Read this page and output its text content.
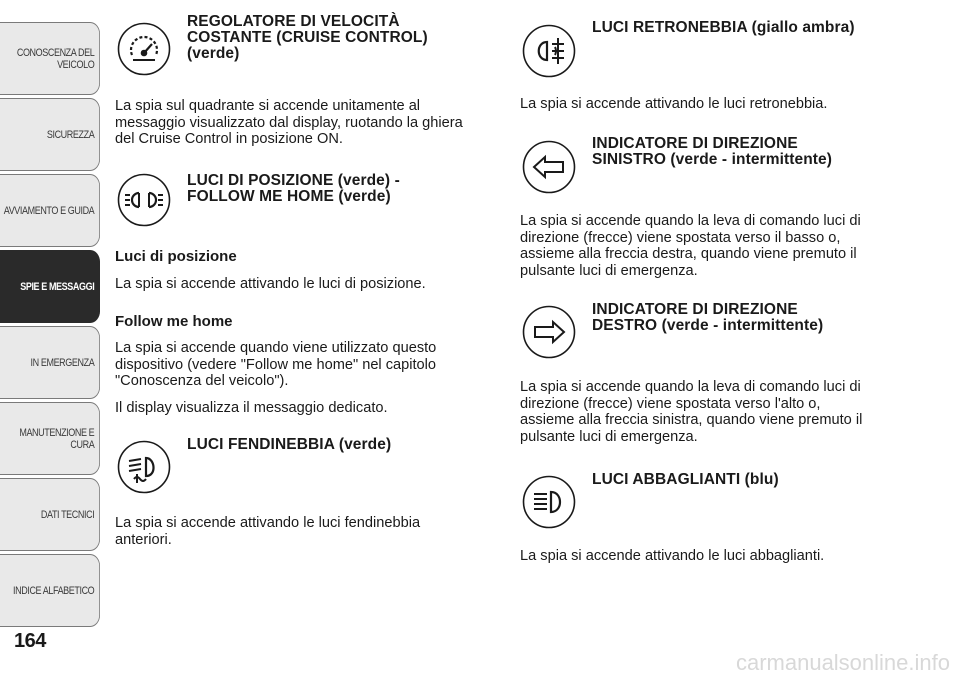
CONOSCENZA DEL VEICOLO
SICUREZZA
AVVIAMENTO E GUIDA
SPIE E MESSAGGI
IN EMERGENZA
MANUTENZIONE E CURA
DATI TECNICI
INDICE ALFABETICO
164
carmanualsonline.info
REGOLATORE DI VELOCITÀ
COSTANTE (CRUISE CONTROL)
(verde)
La spia sul quadrante si accende unitamente al
messaggio visualizzato dal display, ruotando la ghiera
del Cruise Control in posizione ON.
LUCI DI POSIZIONE (verde) -
FOLLOW ME HOME (verde)
Luci di posizione
La spia si accende attivando le luci di posizione.
Follow me home
La spia si accende quando viene utilizzato questo
dispositivo (vedere "Follow me home" nel capitolo
"Conoscenza del veicolo").
Il display visualizza il messaggio dedicato.
LUCI FENDINEBBIA (verde)
La spia si accende attivando le luci fendinebbia
anteriori.
LUCI RETRONEBBIA (giallo ambra)
La spia si accende attivando le luci retronebbia.
INDICATORE DI DIREZIONE
SINISTRO (verde - intermittente)
La spia si accende quando la leva di comando luci di
direzione (frecce) viene spostata verso il basso o,
assieme alla freccia destra, quando viene premuto il
pulsante luci di emergenza.
INDICATORE DI DIREZIONE
DESTRO (verde - intermittente)
La spia si accende quando la leva di comando luci di
direzione (frecce) viene spostata verso l'alto o,
assieme alla freccia sinistra, quando viene premuto il
pulsante luci di emergenza.
LUCI ABBAGLIANTI (blu)
La spia si accende attivando le luci abbaglianti.
